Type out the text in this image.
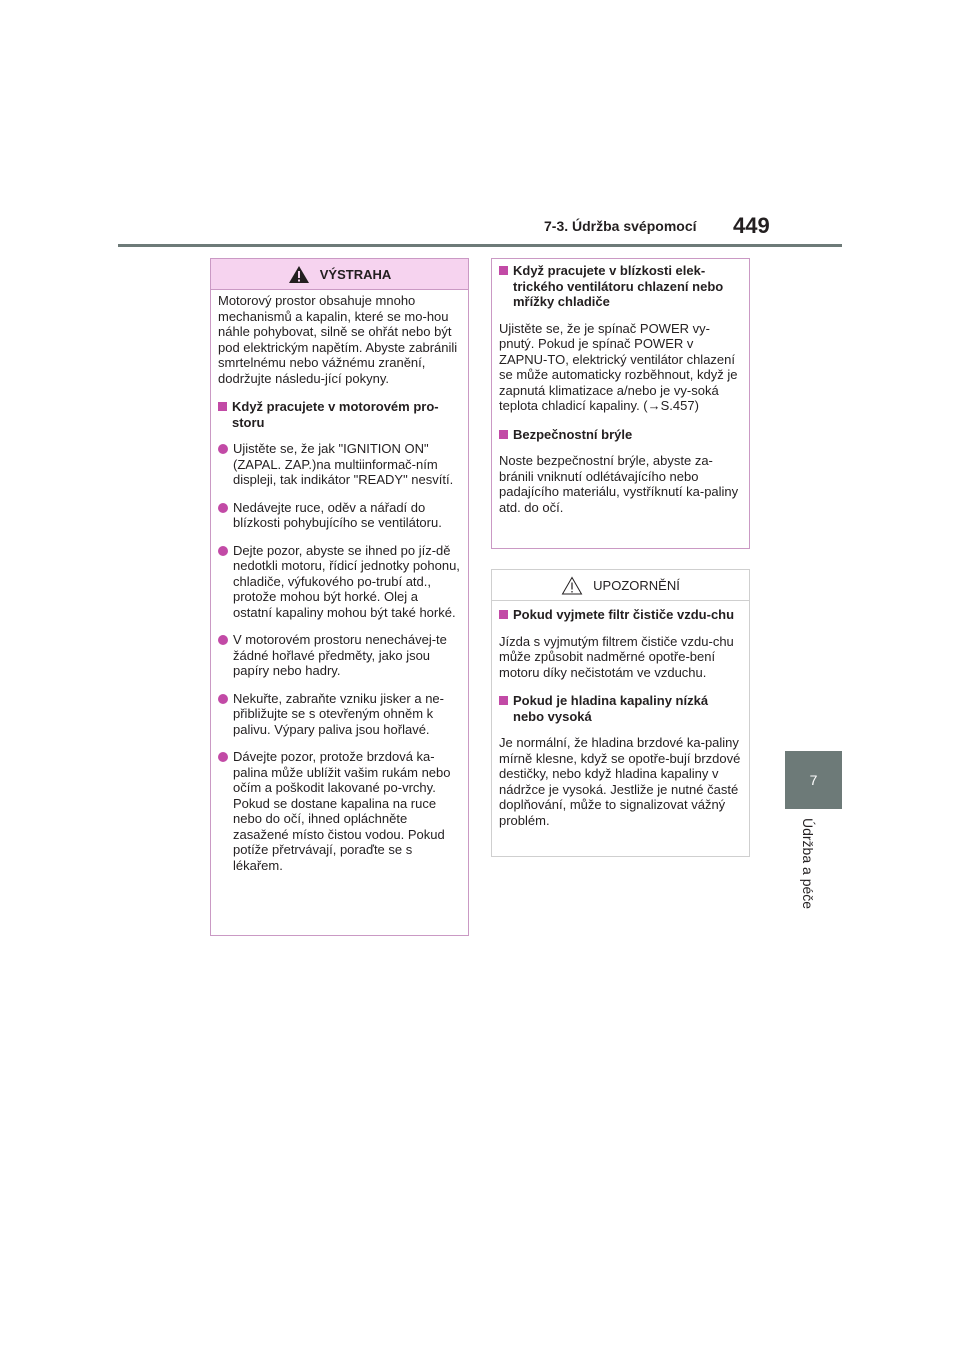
7-3. Údržba svépomocí 449
7
Údržba a péče
VÝSTRAHA

Motorový prostor obsahuje mnoho mechanismů a kapalin, které se mo-hou náhle pohybovat, silně se ohřát nebo být pod elektrickým napětím. Abyste zabránili smrtelnému nebo vážnému zranění, dodržujte následu-jící pokyny.

Když pracujete v motorovém pro-storu
Ujistěte se, že jak "IGNITION ON" (ZAPAL. ZAP.)na multiinformač-ním displeji, tak indikátor "READY" nesvítí.
Nedávejte ruce, oděv a nářadí do blízkosti pohybujícího se ventilátoru.
Dejte pozor, abyste se ihned po jíz-dě nedotkli motoru, řídicí jednotky pohonu, chladiče, výfukového po-trubí atd., protože mohou být horké. Olej a ostatní kapaliny mohou být také horké.
V motorovém prostoru nenechávej-te žádné hořlavé předměty, jako jsou papíry nebo hadry.
Nekuřte, zabraňte vzniku jisker a ne-přibližujte se s otevřeným ohněm k palivu. Výpary paliva jsou hořlavé.
Dávejte pozor, protože brzdová ka-palina může ublížit vašim rukám nebo očím a poškodit lakované po-vrchy. Pokud se dostane kapalina na ruce nebo do očí, ihned opláchněte zasažené místo čistou vodou. Pokud potíže přetrvávají, poraďte se s lékařem.
Když pracujete v blízkosti elek-trického ventilátoru chlazení nebo mřížky chladiče

Ujistěte se, že je spínač POWER vy-pnutý. Pokud je spínač POWER v ZAPNU-TO, elektrický ventilátor chlazení se může automaticky rozběhnout, když je zapnutá klimatizace a/nebo je vy-soká teplota chladicí kapaliny. (→S.457)

Bezpečnostní brýle

Noste bezpečnostní brýle, abyste za-bránili vniknutí odlétávajícího nebo padajícího materiálu, vystříknutí ka-paliny atd. do očí.

UPOZORNĚNÍ
Pokud vyjmete filtr čističe vzdu-chu

Jízda s vyjmutým filtrem čističe vzdu-chu může způsobit nadměrné opotře-bení motoru díky nečistotám ve vzduchu.

Pokud je hladina kapaliny nízká nebo vysoká

Je normální, že hladina brzdové ka-paliny mírně klesne, když se opotře-bují brzdové destičky, nebo když hladina kapaliny v nádržce je vysoká. Jestliže je nutné časté doplňování, může to signalizovat vážný problém.
